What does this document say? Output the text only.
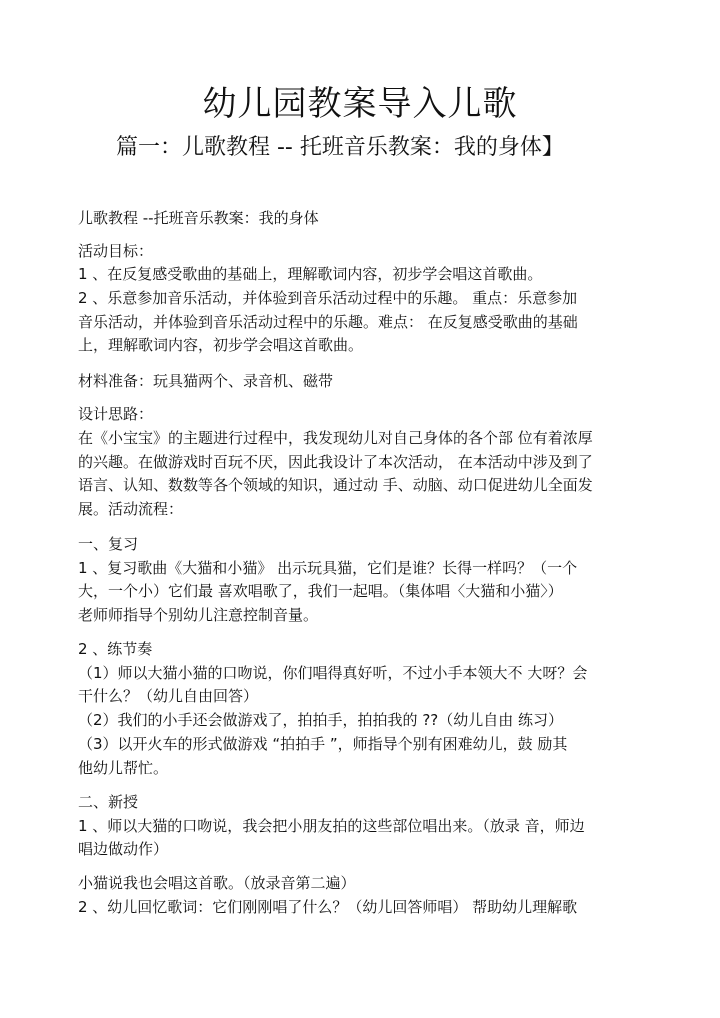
幼儿园教案导入儿歌
篇一：儿歌教程 -- 托班音乐教案：我的身体】
儿歌教程 --托班音乐教案：我的身体
活动目标：
1 、在反复感受歌曲的基础上，理解歌词内容，初步学会唱这首歌曲。
2 、乐意参加音乐活动，并体验到音乐活动过程中的乐趣。 重点：乐意参加
音乐活动，并体验到音乐活动过程中的乐趣。难点： 在反复感受歌曲的基础
上，理解歌词内容，初步学会唱这首歌曲。
材料准备：玩具猫两个、录音机、磁带
设计思路：
在《小宝宝》的主题进行过程中，我发现幼儿对自己身体的各个部 位有着浓厚
的兴趣。在做游戏时百玩不厌，因此我设计了本次活动， 在本活动中涉及到了
语言、认知、数数等各个领域的知识，通过动 手、动脑、动口促进幼儿全面发
展。活动流程：
一、复习
1 、复习歌曲《大猫和小猫》 出示玩具猫，它们是谁？长得一样吗？（一个
大，一个小）它们最 喜欢唱歌了，我们一起唱。（集体唱〈大猫和小猫〉）
老师师指导个别幼儿注意控制音量。
2 、练节奏
（1）师以大猫小猫的口吻说，你们唱得真好听，不过小手本领大不 大呀？会
干什么？（幼儿自由回答）
（2）我们的小手还会做游戏了，拍拍手，拍拍我的 ??（幼儿自由 练习）
（3）以开火车的形式做游戏 “拍拍手 ”，师指导个别有困难幼儿，鼓 励其
他幼儿帮忙。
二、新授
1 、师以大猫的口吻说，我会把小朋友拍的这些部位唱出来。（放录 音，师边
唱边做动作）
小猫说我也会唱这首歌。（放录音第二遍）
2 、幼儿回忆歌词：它们刚刚唱了什么？（幼儿回答师唱） 帮助幼儿理解歌
